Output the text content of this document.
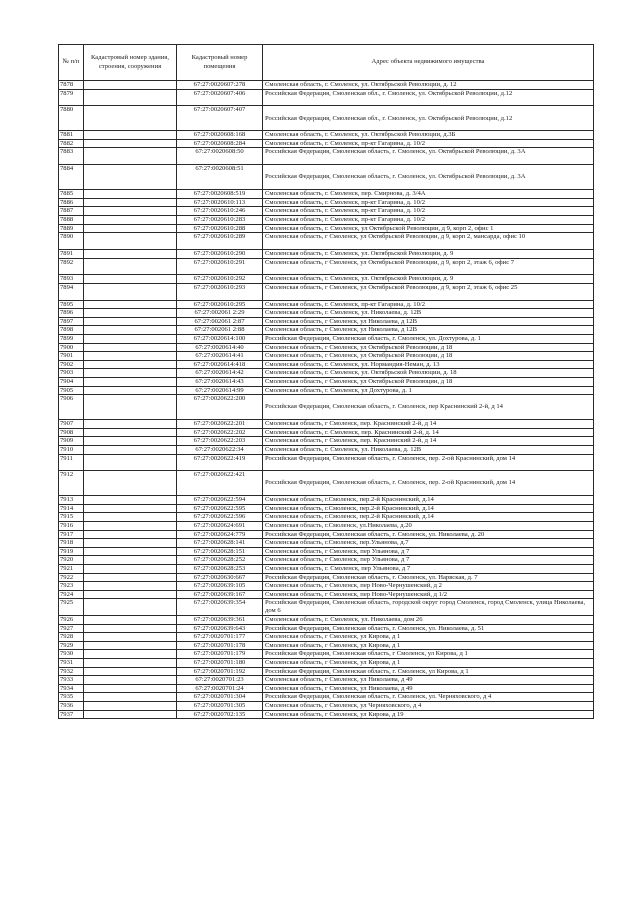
№ п/п	Кадастровый номер здания, строения, сооружения	Кадастровый номер помещения	Адрес объекта недвижимого имущества
7878		67:27:0020607:278	Смоленская область, г. Смоленск, ул. Октябрьской Революции, д. 12
7879		67:27:0020607:406	Российская Федерация, Смоленская обл., г. Смоленск, ул. Октябрьской Революции, д.12
7880		67:27:0020607:407	Российская Федерация, Смоленская обл., г. Смоленск, ул. Октябрьской Революции, д.12
7881		67:27:0020608:168	Смоленская область, г. Смоленск, ул. Октябрьской Революции, д.3Б
7882		67:27:0020608:284	Смоленская область, г. Смоленск, пр-кт Гагарина, д. 10/2
7883		67:27:0020608:50	Российская Федерация, Смоленская область, г. Смоленск, ул. Октябрьской Революции, д. 3А
7884		67:27:0020608:51	Российская Федерация, Смоленская область, г. Смоленск, ул. Октябрьской Революции, д. 3А
7885		67:27:0020608:519	Смоленская область, г. Смоленск, пер. Смирнова, д. 3/4А
7886		67:27:0020610:113	Смоленская область, г. Смоленск, пр-кт Гагарина, д. 10/2
7887		67:27:0020610:246	Смоленская область, г. Смоленск, пр-кт Гагарина, д. 10/2
7888		67:27:0020610:283	Смоленская область, г. Смоленск, пр-кт Гагарина, д. 10/2
7889		67:27:0020610:288	Смоленская область, г. Смоленск, ул Октябрьской Революции, д 9, корп 2, офис 1
7890		67:27:0020610:289	Смоленская область, г Смоленск, ул Октябрьской Революции, д 9, корп 2, мансарда, офис 10
7891		67:27:0020610:290	Смоленская область, г. Смоленск, ул. Октябрьской Революции, д. 9
7892		67:27:0020610:291	Смоленская область, г Смоленск, ул Октябрьской Революции, д 9, корп 2, этаж 6, офис 7
7893		67:27:0020610:292	Смоленская область, г. Смоленск, ул. Октябрьской Революции, д. 9
7894		67:27:0020610:293	Смоленская область, г Смоленск, ул Октябрьской Революции, д 9, корп 2, этаж 6, офис 25
7895		67:27:0020610:295	Смоленская область, г. Смоленск, пр-кт Гагарина, д. 10/2
7896		67:27:002061 2:29	Смоленская область, г. Смоленск, ул. Николаева, д. 12В
7897		67:27:002061 2:87	Смоленская область, г Смоленск, ул Николаева, д 12В
7898		67:27:002061 2:88	Смоленская область, г Смоленск, ул Николаева, д 12В
7899		67:27:0020614:100	Российская Федерация, Смоленская область, г. Смоленск, ул. Дохтурова, д. 1
7900		67:27:0020614:40	Смоленская область, г Смоленск, ул Октябрьской Революции, д 18
7901		67:27:0020614:41	Смоленская область, г Смоленск, ул Октябрьской Революции, д 18
7902		67:27:0020614:418	Смоленская область, г. Смоленск, ул. Нормандия-Неман, д. 13
7903		67:27:0020614:42	Смоленская область, г. Смоленск, ул. Октябрьской Революции, д. 18
7904		67:27:0020614:43	Смоленская область, г Смоленск, ул Октябрьской Революции, д 18
7905		67:27:0020614:99	Смоленская область, г. Смоленск, ул Дохтурова, д. 1
7906		67:27:0020622:200	Российская Федерация, Смоленская область, г. Смоленск, пер Краснинский 2-й, д 14
7907		67:27:0020622:201	Смоленская область, г Смоленск, пер. Краснинский 2-й, д 14
7908		67:27:0020622:202	Смоленская область, г. Смоленск, пер. Краснинский 2-й, д. 14
7909		67:27:0020622:203	Смоленская область, г Смоленск, пер. Краснинский 2-й, д 14
7910		67:27:0020622:34	Смоленская область, г. Смоленск, ул. Николаева, д. 12В
7911		67:27:0020622:419	Российская Федерация, Смоленская область, г. Смоленск, пер. 2-ой Краснинский, дом 14
7912		67:27:0020622:421	Российская Федерация, Смоленская область, г. Смоленск, пер. 2-ой Краснинский, дом 14
7913		67:27:0020622:594	Смоленская область, г.Смоленск, пер.2-й Краснинский, д.14
7914		67:27:0020622:595	Смоленская область, г.Смоленск, пер.2-й Краснинский, д.14
7915		67:27:0020622:596	Смоленская область, г.Смоленск, пер.2-й Краснинский, д.14
7916		67:27:0020624:691	Смоленская область, г.Смоленск, ул.Николаева, д.20
7917		67:27:0020624:779	Российская Федерация, Смоленская область, г. Смоленск, ул. Николаева, д. 20
7918		67:27:0020628:141	Смоленская область, г.Смоленск, пер.Ульянова, д.7
7919		67:27:0020628:151	Смоленская область, г Смоленск, пер Ульянова, д 7
7920		67:27:0020628:252	Смоленская область, г Смоленск, пер Ульянова, д 7
7921		67:27:0020628:253	Смоленская область, г. Смоленск, пер Ульянова, д 7
7922		67:27:0020630:667	Российская Федерация, Смоленская область, г. Смоленск, ул. Нарвская, д. 7
7923		67:27:0020639:105	Смоленская область, г Смоленск, пер Ново-Чернушенский, д 2
7924		67:27:0020639:167	Смоленская область, г Смоленск, пер Ново-Чернушенский, д 1/2
7925		67:27:0020639:354	Российская Федерация, Смоленская область, городской округ город Смоленск, город Смоленск, улица Николаева, дом 6
7926		67:27:0020639:361	Смоленская область, г. Смоленск, ул. Николаева, дом 26
7927		67:27:0020639:643	Российская Федерация, Смоленская область, г. Смоленск, ул. Николаева, д. 51
7928		67:27:0020701:177	Смоленская область, г Смоленск, ул Кирова, д 1
7929		67:27:0020701:178	Смоленская область, г Смоленск, ул Кирова, д 1
7930		67:27:0020701:179	Российская Федерация, Смоленская область, г Смоленск, ул Кирова, д 1
7931		67:27:0020701:180	Смоленская область, г Смоленск, ул Кирова, д 1
7932		67:27:0020701:192	Российская Федерация, Смоленская область, г. Смоленск, ул Кирова, д 1
7933		67:27:0020701:23	Смоленская область, г Смоленск, ул Николаева, д 49
7934		67:27:0020701:24	Смоленская область, г Смоленск, ул Николаева, д 49
7935		67:27:0020701:304	Российская Федерация, Смоленская область, г. Смоленск, ул. Черняховского, д 4
7936		67:27:0020701:305	Смоленская область, г Смоленск, ул Черняховского, д 4
7937		67:27:0020702:135	Смоленская область, г Смоленск, ул Кирова, д 19
